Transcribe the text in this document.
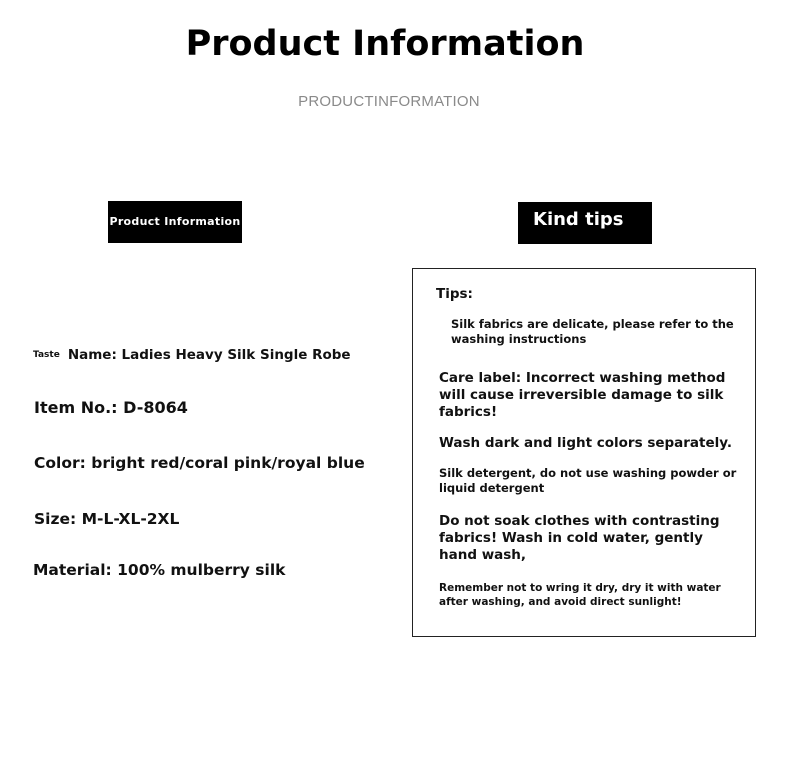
Product Information
PRODUCTINFORMATION
Product Information	Kind tips
Taste Name: Ladies Heavy Silk Single Robe
Item No.: D-8064
Color: bright red/coral pink/royal blue
Size: M-L-XL-2XL
Material: 100% mulberry silk
Tips:
Silk fabrics are delicate, please refer to the washing instructions
Care label: Incorrect washing method will cause irreversible damage to silk fabrics!
Wash dark and light colors separately.
Silk detergent, do not use washing powder or liquid detergent
Do not soak clothes with contrasting fabrics! Wash in cold water, gently hand wash,
Remember not to wring it dry, dry it with water after washing, and avoid direct sunlight!
